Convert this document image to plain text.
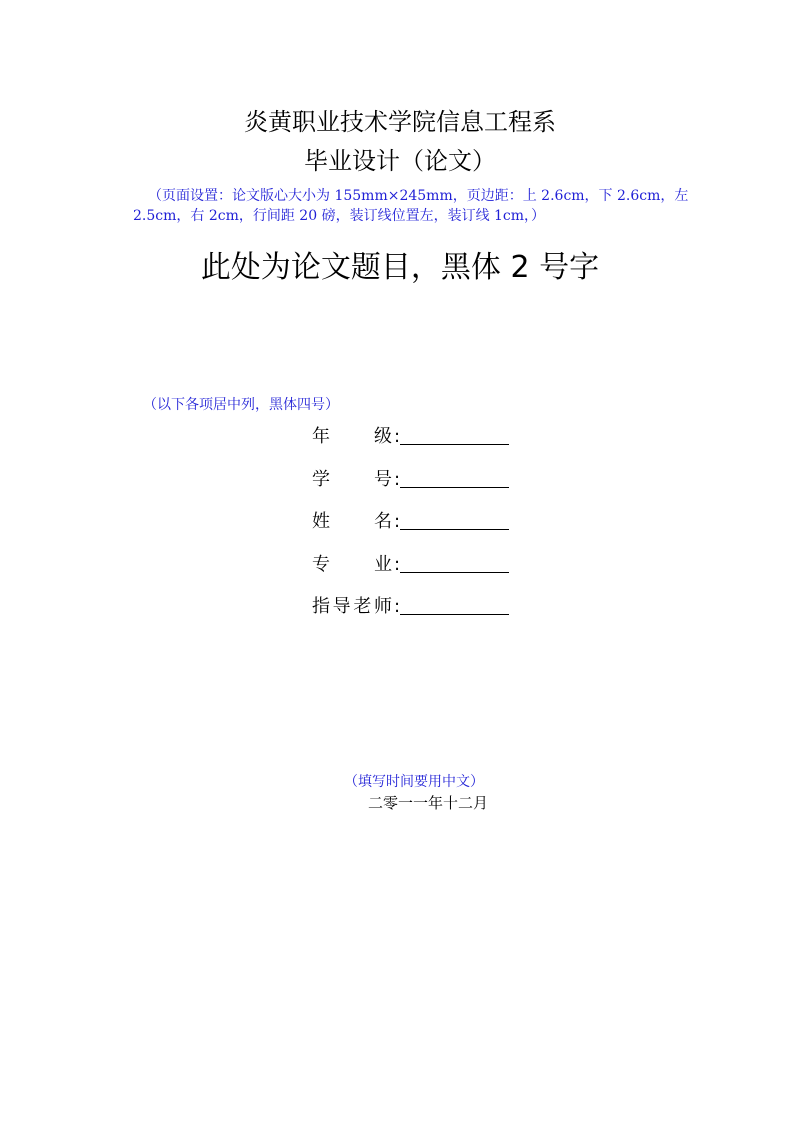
炎黄职业技术学院信息工程系
毕业设计（论文）
（页面设置：论文版心大小为 155mm×245mm，页边距：上 2.6cm，下 2.6cm，左
2.5cm，右 2cm，行间距 20 磅，装订线位置左，装订线 1cm，）
此处为论文题目，黑体 2 号字
（以下各项居中列，黑体四号）
年 级 :
学 号 :
姓 名 :
专 业 :
指 导 老 师 :
（填写时间要用中文）
二零一一年十二月
